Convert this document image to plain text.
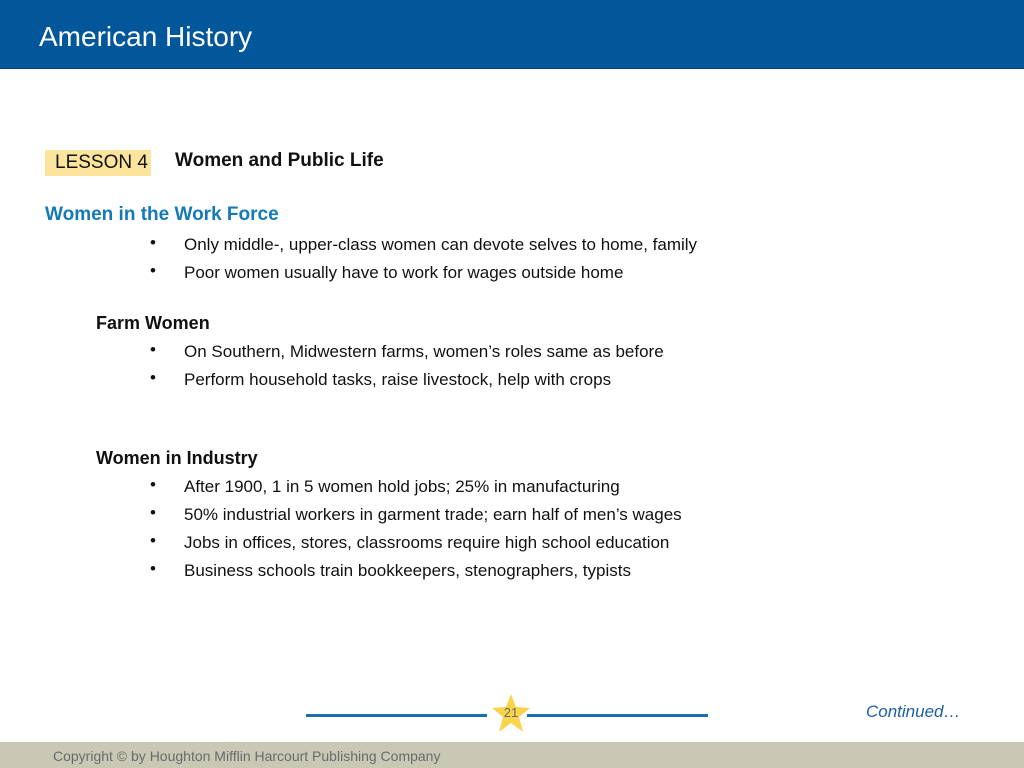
American History
LESSON 4 Women and Public Life
Women in the Work Force
• Only middle-, upper-class women can devote selves to home, family
• Poor women usually have to work for wages outside home
Farm Women
• On Southern, Midwestern farms, women’s roles same as before
• Perform household tasks, raise livestock, help with crops
Women in Industry
• After 1900, 1 in 5 women hold jobs; 25% in manufacturing
• 50% industrial workers in garment trade; earn half of men’s wages
• Jobs in offices, stores, classrooms require high school education
• Business schools train bookkeepers, stenographers, typists
21	Continued…
Copyright © by Houghton Mifflin Harcourt Publishing Company
